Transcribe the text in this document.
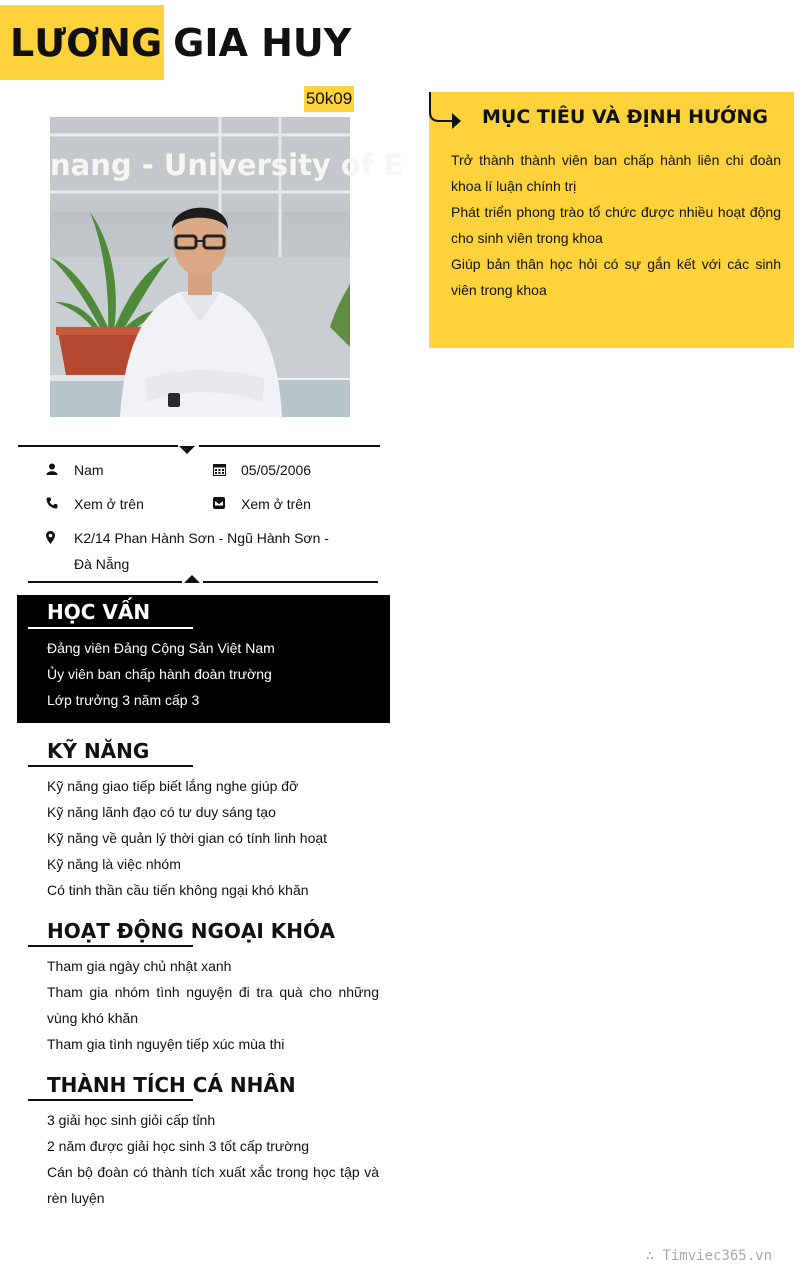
LƯƠNG GIA HUY
50k09
nang - University of E
Nam	05/05/2006
Xem ở trên	Xem ở trên
K2/14 Phan Hành Sơn - Ngũ Hành Sơn - Đà Nẵng
HỌC VẤN
Đảng viên Đảng Cộng Sản Việt Nam
Ủy viên ban chấp hành đoàn trường
Lớp trưởng 3 năm cấp 3
KỸ NĂNG
Kỹ năng giao tiếp biết lắng nghe giúp đỡ
Kỹ năng lãnh đạo có tư duy sáng tạo
Kỹ năng về quản lý thời gian có tính linh hoạt
Kỹ năng là việc nhóm
Có tinh thần cầu tiến không ngại khó khăn
HOẠT ĐỘNG NGOẠI KHÓA
Tham gia ngày chủ nhật xanh
Tham gia nhóm tình nguyện đi tra quà cho những vùng khó khăn
Tham gia tình nguyện tiếp xúc mùa thi
THÀNH TÍCH CÁ NHÂN
3 giải học sinh giỏi cấp tỉnh
2 năm được giải học sinh 3 tốt cấp trường
Cán bộ đoàn có thành tích xuất xắc trong học tập và rèn luyện
MỤC TIÊU VÀ ĐỊNH HƯỚNG
Trở thành thành viên ban chấp hành liên chi đoàn khoa lí luận chính trị
Phát triển phong trào tổ chức được nhiều hoạt động cho sinh viên trong khoa
Giúp bản thân học hỏi có sự gắn kết với các sinh viên trong khoa
∴ Timviec365.vn
